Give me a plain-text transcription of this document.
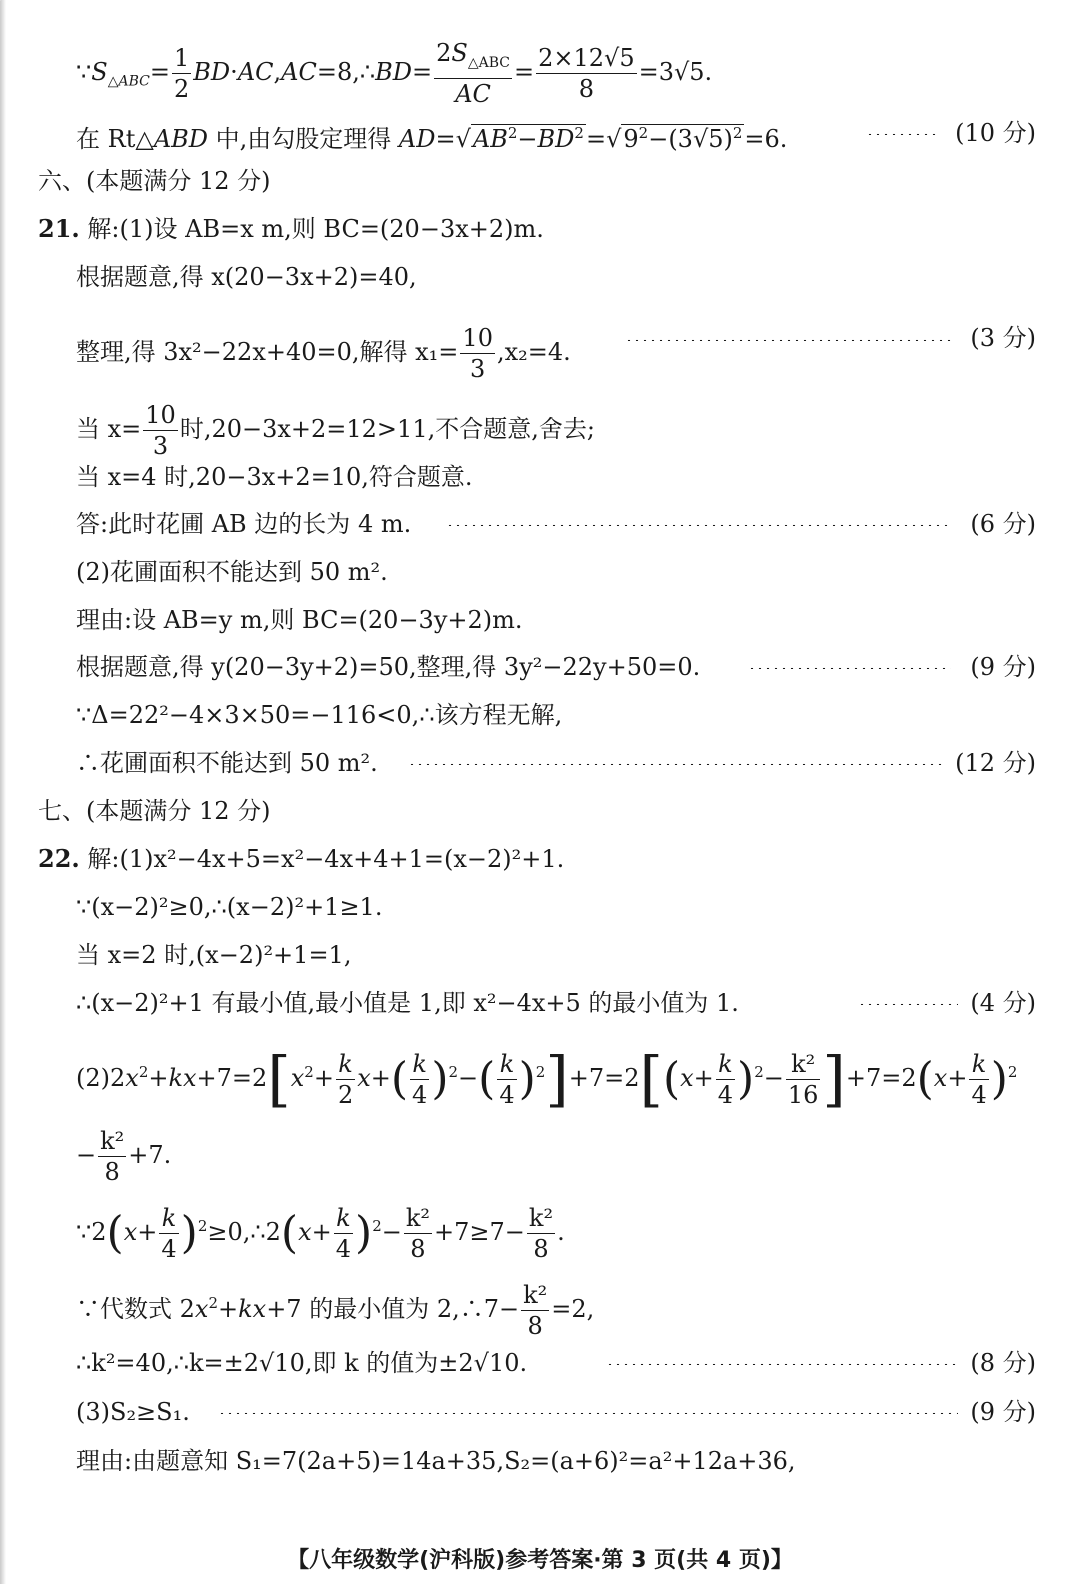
$\because S_{\triangle ABC}= \frac{1}{2}$ BD·AC,AC=8,∴BD= $\frac{2S_{\triangle ABC}}{AC} = \frac{2\times 12√5}{8} =3√5$.
在 Rt△ABD 中,由勾股定理得 $AD=√AB^2-BD^2=√9^2-(3√5)^2=6$.	(10 分)
六、(本题满分 12 分)
21. 解:(1)设 AB=x m,则 BC=(20−3x+2)m.
根据题意,得 x(20−3x+2)=40,
整理,得 3x²−22x+40=0,解得 $x_1= \frac{10}{3} ,x_2=4$.	(3 分)
当 $x= \frac{10}{3}$ 时,20−3x+2=12>11,不合题意,舍去;
当 x=4 时,20−3x+2=10,符合题意.
答:此时花圃 AB 边的长为 4 m.	(6 分)
(2)花圃面积不能达到 50 m².
理由:设 AB=y m,则 BC=(20−3y+2)m.
根据题意,得 y(20−3y+2)=50,整理,得 3y²−22y+50=0.	(9 分)
∵Δ=22²−4×3×50=−116<0,∴该方程无解,
∴花圃面积不能达到 50 m².	(12 分)
七、(本题满分 12 分)
22. 解:(1)x²−4x+5=x²−4x+4+1=(x−2)²+1.
∵(x−2)²≥0,∴(x−2)²+1≥1.
当 x=2 时,(x−2)²+1=1,
∴(x−2)²+1 有最小值,最小值是 1,即 x²−4x+5 的最小值为 1.	(4 分)
$(2)2x^2+kx+7=2[x^2+ \frac{k}{2} x+( \frac{k}{4} )^2-( \frac{k}{4} )^2]+7=2[(x+ \frac{k}{4} )^2- \frac{\text{k²}}{16} ]+7=2(x+ \frac{k}{4} )^2$
− $\frac{\text{k²}}{8} +7$.
∵2(x+ $\frac{k}{4}$ )$^2$≥0,∴2(x+ $\frac{k}{4} )^2- \frac{\text{k²}}{8} +7\ge 7- \frac{\text{k²}}{8}$ .
∵代数式 $2x^2+kx+7$ 的最小值为 2,∴7− $\frac{\text{k²}}{8} =2$,
∴k²=40,∴k=±2√10,即 k 的值为±2√10.	(8 分)
(3)S₂≥S₁.	(9 分)
理由:由题意知 S₁=7(2a+5)=14a+35,S₂=(a+6)²=a²+12a+36,
【八年级数学(沪科版)参考答案·第 3 页(共 4 页)】
